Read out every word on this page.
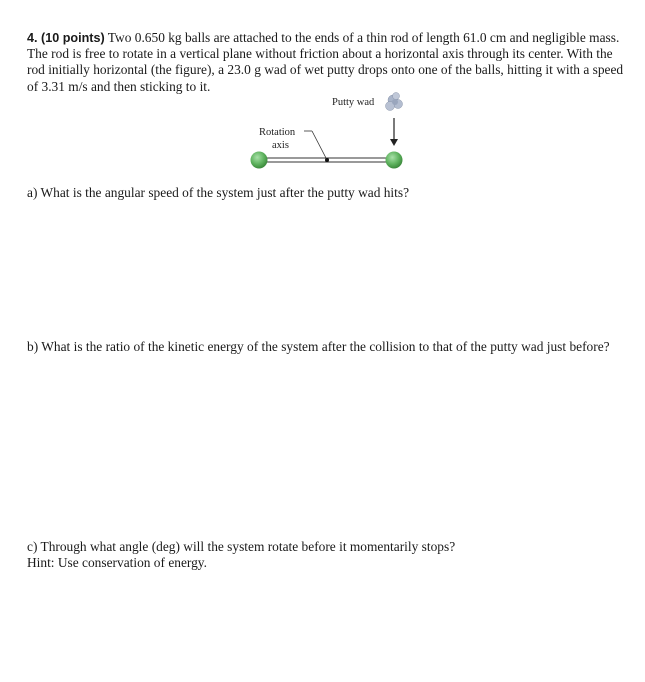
4. (10 points) Two 0.650 kg balls are attached to the ends of a thin rod of length 61.0 cm and negligible mass.
The rod is free to rotate in a vertical plane without friction about a horizontal axis through its center. With the
rod initially horizontal (the figure), a 23.0 g wad of wet putty drops onto one of the balls, hitting it with a speed
of 3.31 m/s and then sticking to it.
Putty wad
Rotation
axis
a) What is the angular speed of the system just after the putty wad hits?
b) What is the ratio of the kinetic energy of the system after the collision to that of the putty wad just before?
c) Through what angle (deg) will the system rotate before it momentarily stops?
Hint: Use conservation of energy.
